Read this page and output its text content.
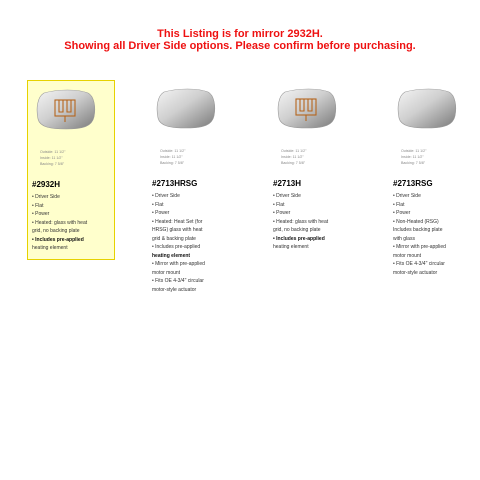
This Listing is for mirror 2932H.
Showing all Driver Side options. Please confirm before purchasing.
Outside: 11 1/2"
Inside: 11 1/2"
Backing: 7 5/8"
#2932H
• Driver Side
• Flat
• Power
• Heated: glass with heat
grid, no backing plate
• Includes pre-applied
heating element
Outside: 11 1/2"
Inside: 11 1/2"
Backing: 7 5/8"
#2713HRSG
• Driver Side
• Flat
• Power
• Heated: Heat Set (for
HRSG) glass with heat
grid & backing plate
• Includes pre-applied
heating element
• Mirror with pre-applied
motor mount
• Fits OE 4-3/4" circular
motor-style actuator
Outside: 11 1/2"
Inside: 11 1/2"
Backing: 7 5/8"
#2713H
• Driver Side
• Flat
• Power
• Heated: glass with heat
grid, no backing plate
• Includes pre-applied
heating element
Outside: 11 1/2"
Inside: 11 1/2"
Backing: 7 5/8"
#2713RSG
• Driver Side
• Flat
• Power
• Non-Heated (RSG)
Includes backing plate
with glass
• Mirror with pre-applied
motor mount
• Fits OE 4-3/4" circular
motor-style actuator
